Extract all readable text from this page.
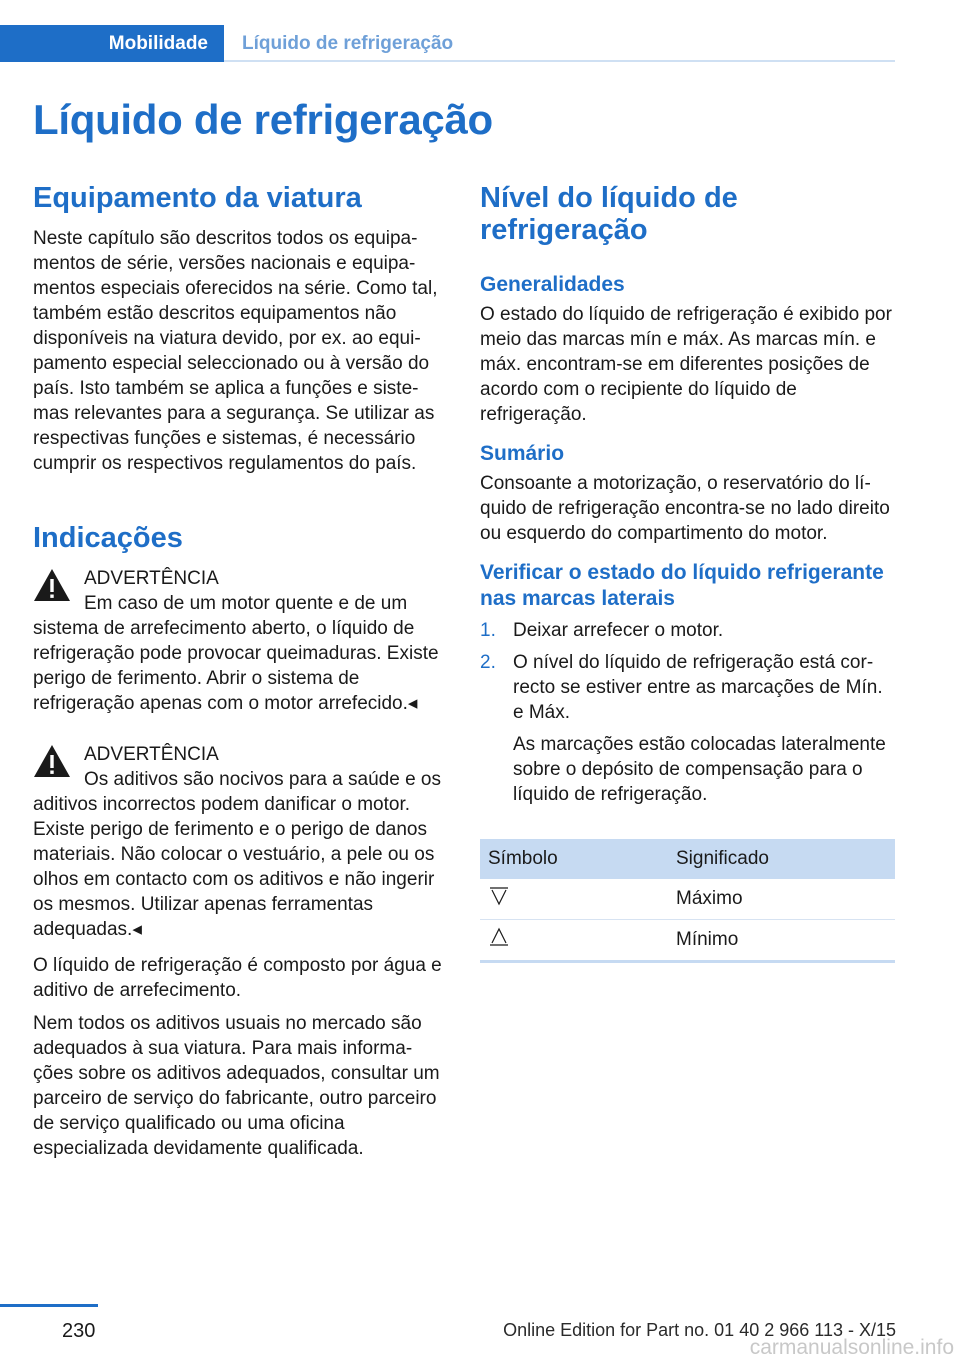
Mobilidade	Líquido de refrigeração
Líquido de refrigeração
Equipamento da viatura

Neste capítulo são descritos todos os equipamentos de série, versões nacionais e equipamentos especiais oferecidos na série. Como tal, também estão descritos equipamentos não disponíveis na viatura devido, por ex. ao equipamento especial seleccionado ou à versão do país. Isto também se aplica a funções e sistemas relevantes para a segurança. Se utilizar as respectivas funções e sistemas, é necessário cumprir os respectivos regulamentos do país.

Indicações
ADVERTÊNCIA
Em caso de um motor quente e de um sistema de arrefecimento aberto, o líquido de refrigeração pode provocar queimaduras. Existe perigo de ferimento. Abrir o sistema de refrigeração apenas com o motor arrefecido.◂
ADVERTÊNCIA
Os aditivos são nocivos para a saúde e os aditivos incorrectos podem danificar o motor. Existe perigo de ferimento e o perigo de danos materiais. Não colocar o vestuário, a pele ou os olhos em contacto com os aditivos e não ingerir os mesmos. Utilizar apenas ferramentas adequadas.◂

O líquido de refrigeração é composto por água e aditivo de arrefecimento.

Nem todos os aditivos usuais no mercado são adequados à sua viatura. Para mais informações sobre os aditivos adequados, consultar um parceiro de serviço do fabricante, outro parceiro de serviço qualificado ou uma oficina especializada devidamente qualificada.

Nível do líquido de refrigeração
Generalidades

O estado do líquido de refrigeração é exibido por meio das marcas mín e máx. As marcas mín. e máx. encontram-se em diferentes posições de acordo com o recipiente do líquido de refrigeração.

Sumário

Consoante a motorização, o reservatório do líquido de refrigeração encontra-se no lado direito ou esquerdo do compartimento do motor.

Verificar o estado do líquido refrigerante nas marcas laterais
1. Deixar arrefecer o motor.
2. O nível do líquido de refrigeração está correcto se estiver entre as marcações de Mín. e Máx.
As marcações estão colocadas lateralmente sobre o depósito de compensação para o líquido de refrigeração.
Símbolo	Significado
	Máximo
	Mínimo
230	Online Edition for Part no. 01 40 2 966 113 - X/15
carmanualsonline.info
